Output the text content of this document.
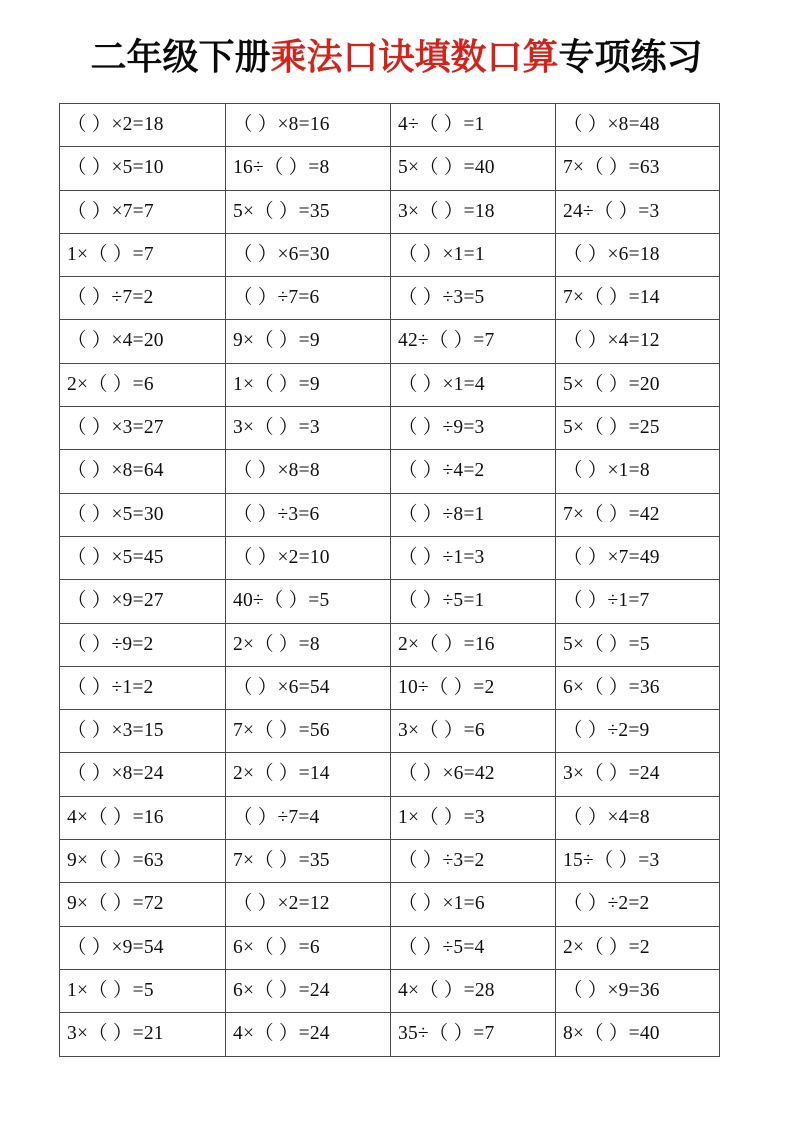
二年级下册乘法口诀填数口算专项练习
（ ）×2=18	（ ）×8=16	4÷（ ）=1	（ ）×8=48
（ ）×5=10	16÷（ ）=8	5×（ ）=40	7×（ ）=63
（ ）×7=7	5×（ ）=35	3×（ ）=18	24÷（ ）=3
1×（ ）=7	（ ）×6=30	（ ）×1=1	（ ）×6=18
（ ）÷7=2	（ ）÷7=6	（ ）÷3=5	7×（ ）=14
（ ）×4=20	9×（ ）=9	42÷（ ）=7	（ ）×4=12
2×（ ）=6	1×（ ）=9	（ ）×1=4	5×（ ）=20
（ ）×3=27	3×（ ）=3	（ ）÷9=3	5×（ ）=25
（ ）×8=64	（ ）×8=8	（ ）÷4=2	（ ）×1=8
（ ）×5=30	（ ）÷3=6	（ ）÷8=1	7×（ ）=42
（ ）×5=45	（ ）×2=10	（ ）÷1=3	（ ）×7=49
（ ）×9=27	40÷（ ）=5	（ ）÷5=1	（ ）÷1=7
（ ）÷9=2	2×（ ）=8	2×（ ）=16	5×（ ）=5
（ ）÷1=2	（ ）×6=54	10÷（ ）=2	6×（ ）=36
（ ）×3=15	7×（ ）=56	3×（ ）=6	（ ）÷2=9
（ ）×8=24	2×（ ）=14	（ ）×6=42	3×（ ）=24
4×（ ）=16	（ ）÷7=4	1×（ ）=3	（ ）×4=8
9×（ ）=63	7×（ ）=35	（ ）÷3=2	15÷（ ）=3
9×（ ）=72	（ ）×2=12	（ ）×1=6	（ ）÷2=2
（ ）×9=54	6×（ ）=6	（ ）÷5=4	2×（ ）=2
1×（ ）=5	6×（ ）=24	4×（ ）=28	（ ）×9=36
3×（ ）=21	4×（ ）=24	35÷（ ）=7	8×（ ）=40
